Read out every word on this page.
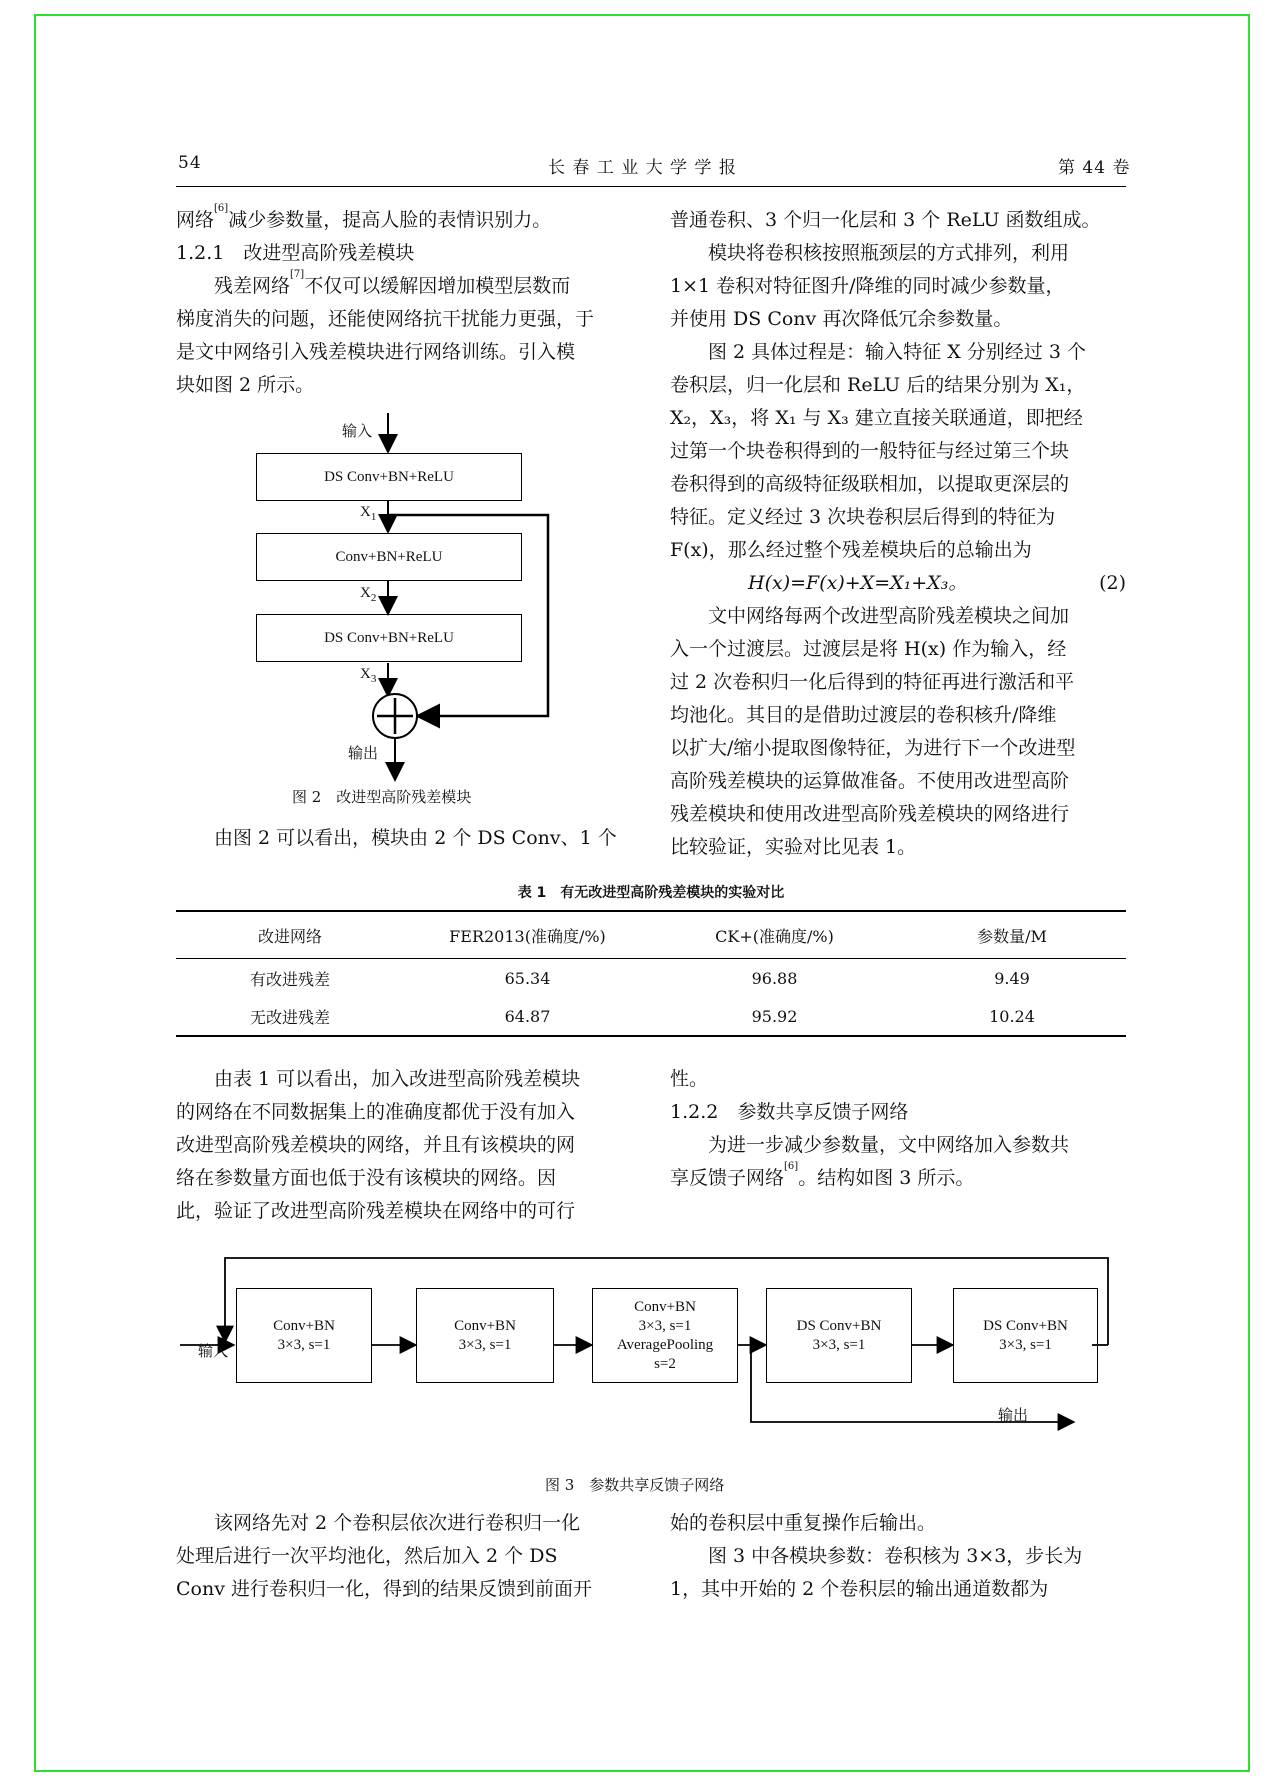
54	长 春 工 业 大 学 学 报	第 44 卷

网络[6]减少参数量，提高人脸的表情识别力。

1.2.1　改进型高阶残差模块

残差网络[7]不仅可以缓解因增加模型层数而

梯度消失的问题，还能使网络抗干扰能力更强，于

是文中网络引入残差模块进行网络训练。引入模

块如图 2 所示。

输入
DS Conv+BN+ReLU
$X_1$
Conv+BN+ReLU
$X_2$
DS Conv+BN+ReLU
$X_3$
输出
图 2　改进型高阶残差模块

由图 2 可以看出，模块由 2 个 DS Conv、1 个

普通卷积、3 个归一化层和 3 个 ReLU 函数组成。

模块将卷积核按照瓶颈层的方式排列，利用

1×1 卷积对特征图升/降维的同时减少参数量，

并使用 DS Conv 再次降低冗余参数量。

图 2 具体过程是：输入特征 X 分别经过 3 个

卷积层，归一化层和 ReLU 后的结果分别为 X₁，

X₂，X₃，将 X₁ 与 X₃ 建立直接关联通道，即把经

过第一个块卷积得到的一般特征与经过第三个块

卷积得到的高级特征级联相加，以提取更深层的

特征。定义经过 3 次块卷积层后得到的特征为

F(x)，那么经过整个残差模块后的总输出为

H(x)=F(x)+X=X₁+X₃。	(2)

文中网络每两个改进型高阶残差模块之间加

入一个过渡层。过渡层是将 H(x) 作为输入，经

过 2 次卷积归一化后得到的特征再进行激活和平

均池化。其目的是借助过渡层的卷积核升/降维

以扩大/缩小提取图像特征，为进行下一个改进型

高阶残差模块的运算做准备。不使用改进型高阶

残差模块和使用改进型高阶残差模块的网络进行

比较验证，实验对比见表 1。

表 1　有无改进型高阶残差模块的实验对比
改进网络	FER2013(准确度/%)	CK+(准确度/%)	参数量/M
有改进残差	65.34	96.88	9.49
无改进残差	64.87	95.92	10.24

由表 1 可以看出，加入改进型高阶残差模块

的网络在不同数据集上的准确度都优于没有加入

改进型高阶残差模块的网络，并且有该模块的网

络在参数量方面也低于没有该模块的网络。因

此，验证了改进型高阶残差模块在网络中的可行

性。

1.2.2　参数共享反馈子网络

为进一步减少参数量，文中网络加入参数共

享反馈子网络[6]。结构如图 3 所示。

输入
Conv+BN
3×3, s=1
Conv+BN
3×3, s=1
Conv+BN
3×3, s=1
AveragePooling
s=2
DS Conv+BN
3×3, s=1
DS Conv+BN
3×3, s=1
输出
图 3　参数共享反馈子网络

该网络先对 2 个卷积层依次进行卷积归一化

处理后进行一次平均池化，然后加入 2 个 DS

Conv 进行卷积归一化，得到的结果反馈到前面开

始的卷积层中重复操作后输出。

图 3 中各模块参数：卷积核为 3×3，步长为

1，其中开始的 2 个卷积层的输出通道数都为
